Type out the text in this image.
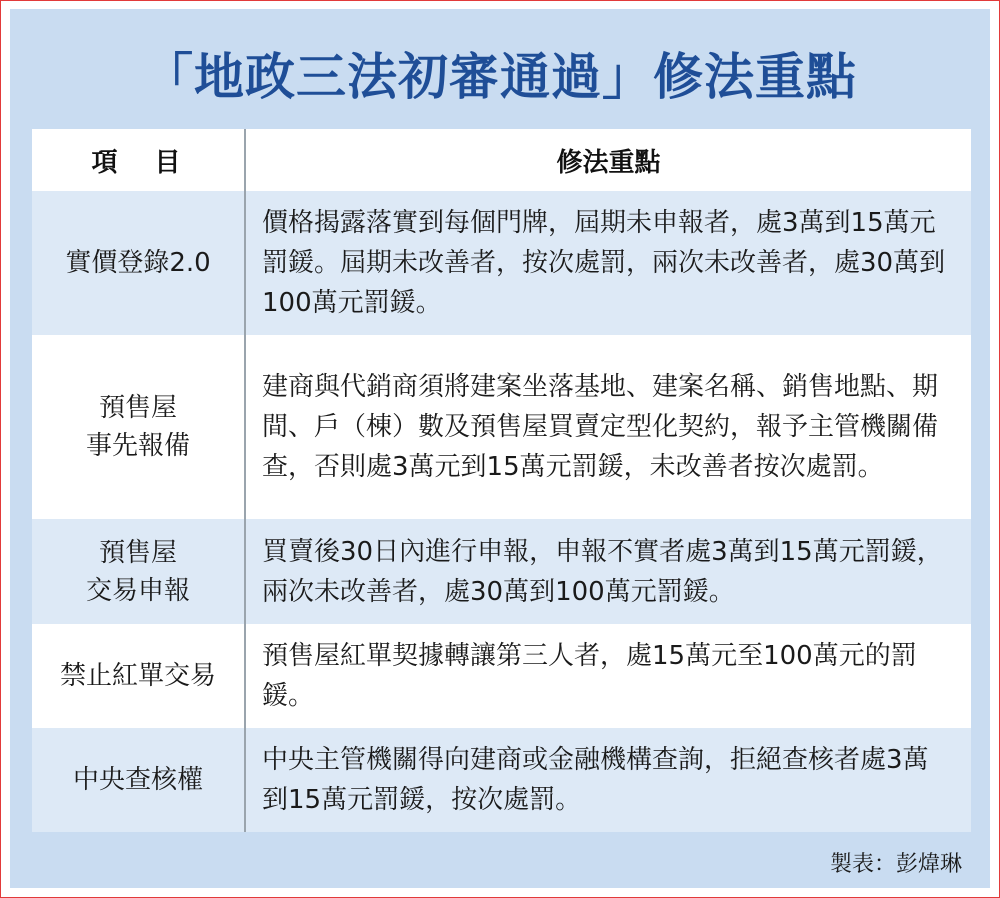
「地政三法初審通過」修法重點
項 目	修法重點

實價登錄2.0	價格揭露落實到每個門牌，屆期未申報者，處3萬到15萬元罰鍰。屆期未改善者，按次處罰，兩次未改善者，處30萬到100萬元罰鍰。

預售屋
事先報備	建商與代銷商須將建案坐落基地、建案名稱、銷售地點、期間、戶（棟）數及預售屋買賣定型化契約，報予主管機關備查，否則處3萬元到15萬元罰鍰，未改善者按次處罰。

預售屋
交易申報	買賣後30日內進行申報，申報不實者處3萬到15萬元罰鍰，兩次未改善者，處30萬到100萬元罰鍰。

禁止紅單交易	預售屋紅單契據轉讓第三人者，處15萬元至100萬元的罰鍰。

中央查核權	中央主管機關得向建商或金融機構查詢，拒絕查核者處3萬到15萬元罰鍰，按次處罰。
製表：彭煒琳
